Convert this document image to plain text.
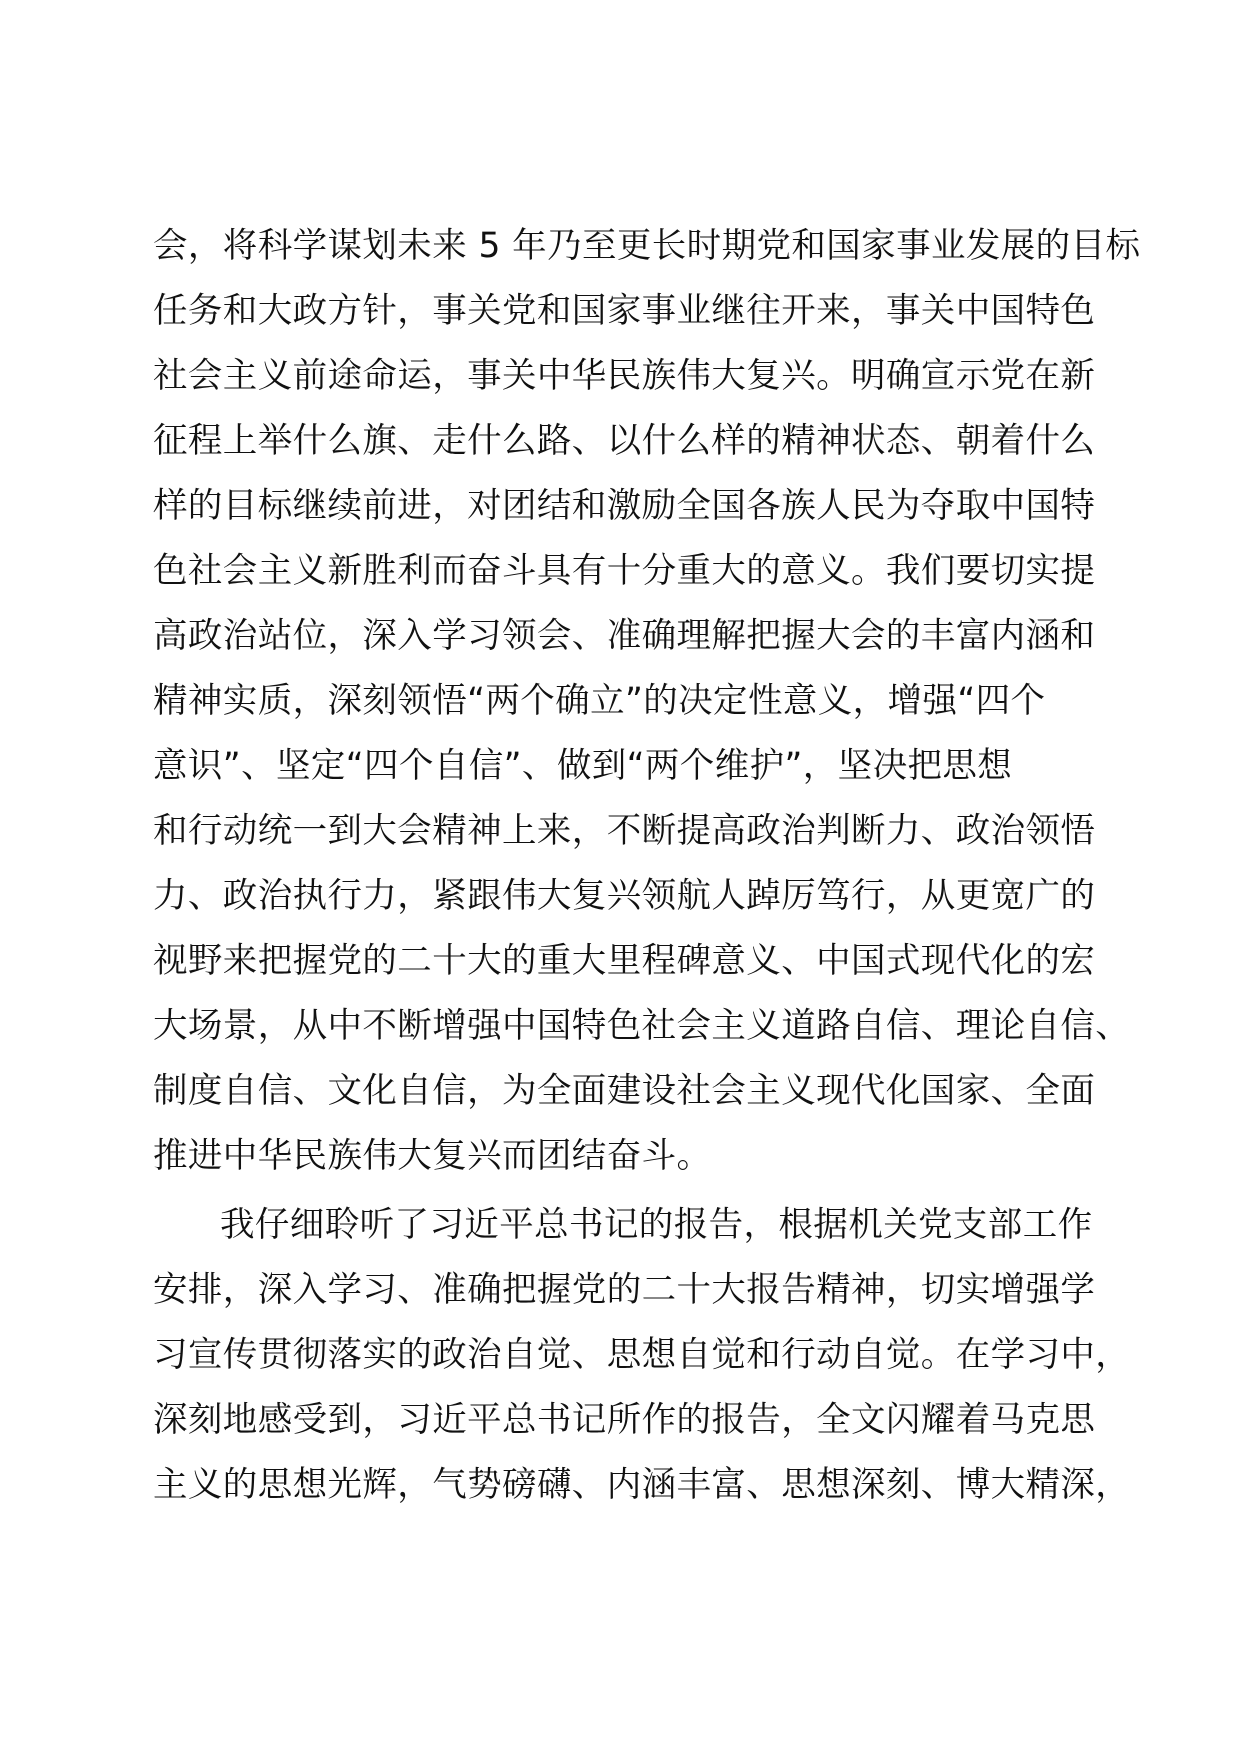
会，将科学谋划未来 5 年乃至更长时期党和国家事业发展的目标
任务和大政方针，事关党和国家事业继往开来，事关中国特色
社会主义前途命运，事关中华民族伟大复兴。明确宣示党在新
征程上举什么旗、走什么路、以什么样的精神状态、朝着什么
样的目标继续前进，对团结和激励全国各族人民为夺取中国特
色社会主义新胜利而奋斗具有十分重大的意义。我们要切实提
高政治站位，深入学习领会、准确理解把握大会的丰富内涵和
精神实质，深刻领悟“两个确立”的决定性意义，增强“四个
意识”、坚定“四个自信”、做到“两个维护”，坚决把思想
和行动统一到大会精神上来，不断提高政治判断力、政治领悟
力、政治执行力，紧跟伟大复兴领航人踔厉笃行，从更宽广的
视野来把握党的二十大的重大里程碑意义、中国式现代化的宏
大场景，从中不断增强中国特色社会主义道路自信、理论自信、
制度自信、文化自信，为全面建设社会主义现代化国家、全面
推进中华民族伟大复兴而团结奋斗。
我仔细聆听了习近平总书记的报告，根据机关党支部工作
安排，深入学习、准确把握党的二十大报告精神，切实增强学
习宣传贯彻落实的政治自觉、思想自觉和行动自觉。在学习中，
深刻地感受到，习近平总书记所作的报告，全文闪耀着马克思
主义的思想光辉，气势磅礴、内涵丰富、思想深刻、博大精深，
